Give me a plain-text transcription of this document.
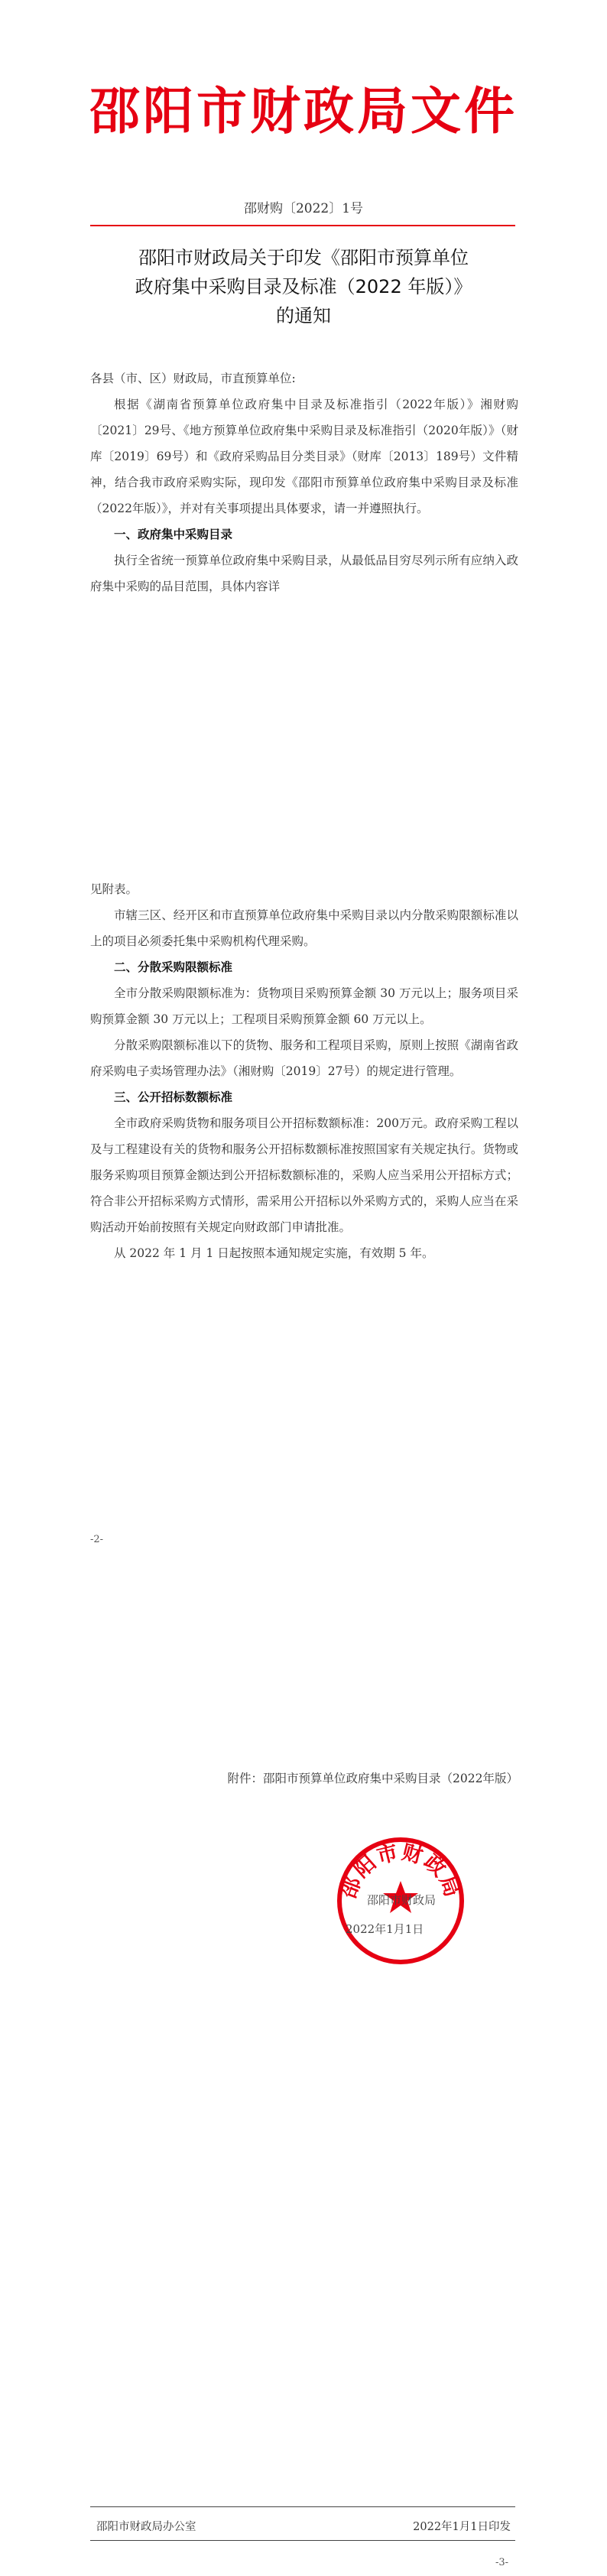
邵阳市财政局文件
邵财购〔2022〕1号
邵阳市财政局关于印发《邵阳市预算单位
政府集中采购目录及标准（2022 年版）》
的通知

各县（市、区）财政局，市直预算单位:

根据《湖南省预算单位政府集中目录及标准指引（2022年版）》湘财购〔2021〕29号、《地方预算单位政府集中采购目录及标准指引（2020年版）》（财库〔2019〕69号）和《政府采购品目分类目录》（财库〔2013〕189号）文件精神，结合我市政府采购实际，现印发《邵阳市预算单位政府集中采购目录及标准（2022年版）》，并对有关事项提出具体要求，请一并遵照执行。

一、政府集中采购目录

执行全省统一预算单位政府集中采购目录，从最低品目穷尽列示所有应纳入政府集中采购的品目范围，具体内容详

见附表。

市辖三区、经开区和市直预算单位政府集中采购目录以内分散采购限额标准以上的项目必须委托集中采购机构代理采购。

二、分散采购限额标准

全市分散采购限额标准为：货物项目采购预算金额 30 万元以上；服务项目采购预算金额 30 万元以上；工程项目采购预算金额 60 万元以上。

分散采购限额标准以下的货物、服务和工程项目采购，原则上按照《湖南省政府采购电子卖场管理办法》（湘财购〔2019〕27号）的规定进行管理。

三、公开招标数额标准

全市政府采购货物和服务项目公开招标数额标准：200万元。政府采购工程以及与工程建设有关的货物和服务公开招标数额标准按照国家有关规定执行。货物或服务采购项目预算金额达到公开招标数额标准的，采购人应当采用公开招标方式；符合非公开招标采购方式情形，需采用公开招标以外采购方式的，采购人应当在采购活动开始前按照有关规定向财政部门申请批准。

从 2022 年 1 月 1 日起按照本通知规定实施，有效期 5 年。

-2-
附件：邵阳市预算单位政府集中采购目录（2022年版）
邵阳市财政局
邵阳市财政局
2022年1月1日
邵阳市财政局办公室	2022年1月1日印发
-3-
